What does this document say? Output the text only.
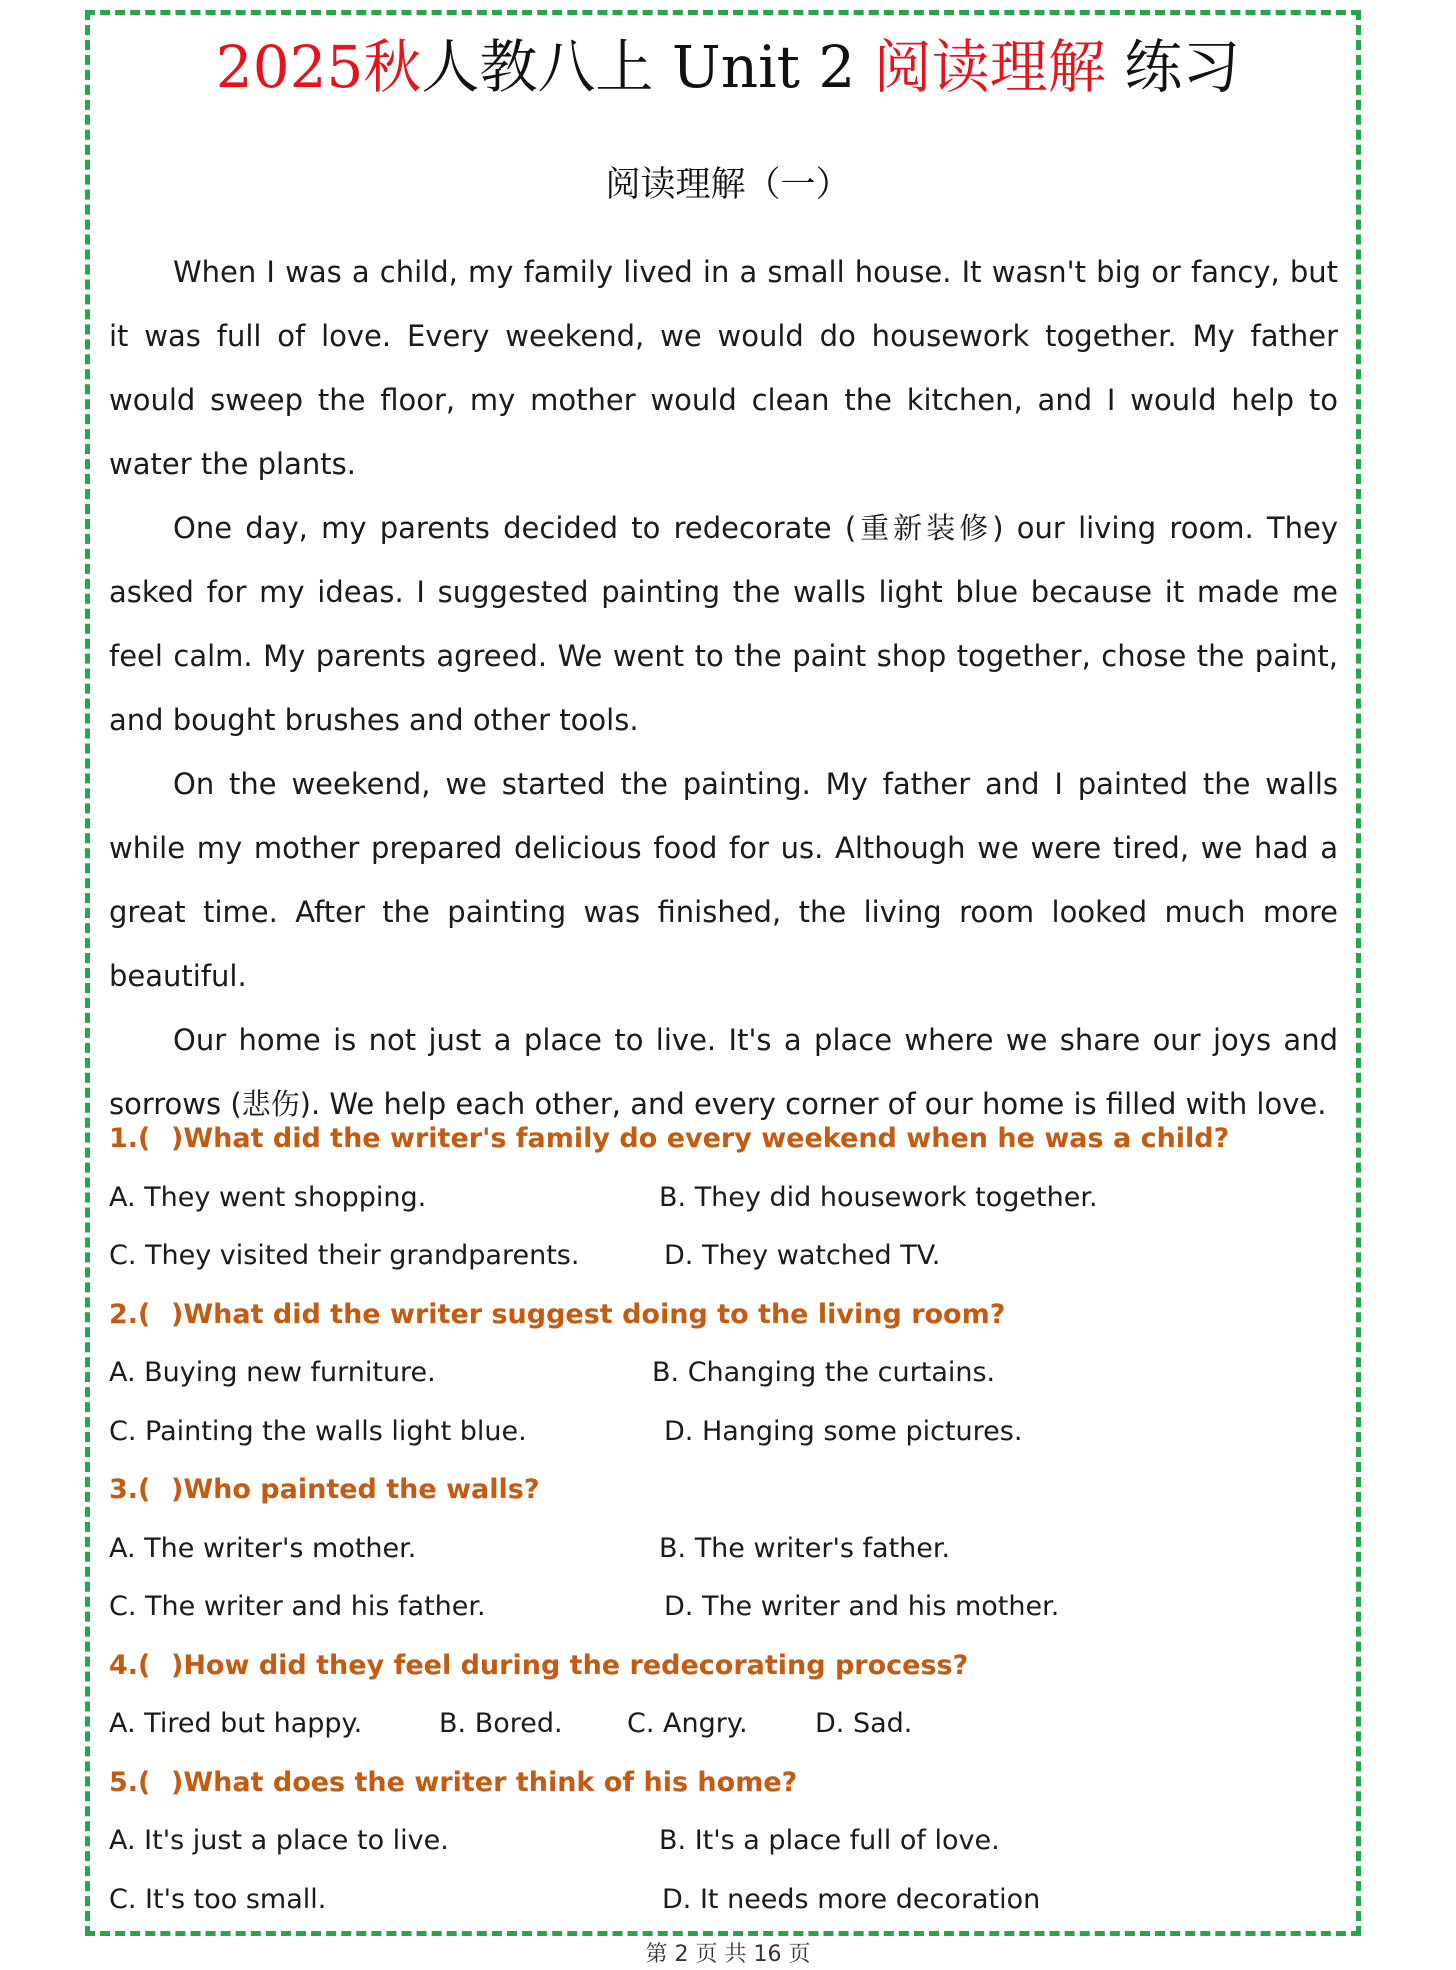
2025秋人教八上 Unit 2 阅读理解 练习
阅读理解（一）

When I was a child, my family lived in a small house. It wasn't big or fancy, but it was full of love. Every weekend, we would do housework together. My father would sweep the floor, my mother would clean the kitchen, and I would help to water the plants.

One day, my parents decided to redecorate (重新装修) our living room. They asked for my ideas. I suggested painting the walls light blue because it made me feel calm. My parents agreed. We went to the paint shop together, chose the paint, and bought brushes and other tools.

On the weekend, we started the painting. My father and I painted the walls while my mother prepared delicious food for us. Although we were tired, we had a great time. After the painting was finished, the living room looked much more beautiful.

Our home is not just a place to live. It's a place where we share our joys and sorrows (悲伤). We help each other, and every corner of our home is filled with love.

1.( )What did the writer's family do every weekend when he was a child?
A. They went shopping.	B. They did housework together.
C. They visited their grandparents.	D. They watched TV.
2.( )What did the writer suggest doing to the living room?
A. Buying new furniture.	B. Changing the curtains.
C. Painting the walls light blue.	D. Hanging some pictures.
3.( )Who painted the walls?
A. The writer's mother.	B. The writer's father.
C. The writer and his father.	D. The writer and his mother.
4.( )How did they feel during the redecorating process?
A. Tired but happy.	B. Bored. C. Angry. D. Sad.
5.( )What does the writer think of his home?
A. It's just a place to live.	B. It's a place full of love.
C. It's too small.	D. It needs more decoration
第 2 页 共 16 页
